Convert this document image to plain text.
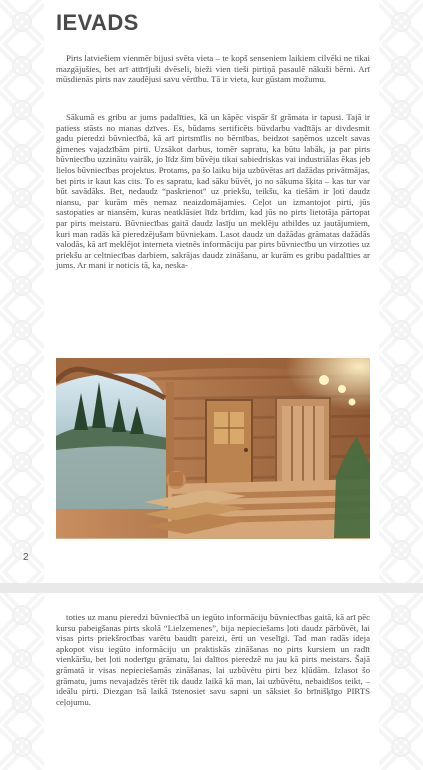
IEVADS

Pirts latviešiem vienmēr bijusi svēta vieta – te kopš senseniem laikiem cilvēki ne tikai mazgājušies, bet arī attīrījuši dvēseli, bieži vien tieši pirtiņā pasaulē nākuši bērni. Arī mūsdienās pirts nav zaudējusi savu vērtību. Tā ir vieta, kur gūstam možumu.

Sākumā es gribu ar jums padalīties, kā un kāpēc vispār šī grāmata ir tapusi. Tajā ir patiess stāsts no manas dzīves. Es, būdams sertificēts būvdarbu vadītājs ar divdesmit gadu pieredzi būvniecībā, kā arī pirtsmīlis no bērnības, beidzot saņēmos uzcelt savas ģimenes vajadzībām pirti. Uzsākot darbus, tomēr sapratu, ka būtu labāk, ja par pirts būvniecību uzzinātu vairāk, jo līdz šim būvēju tikai sabiedriskas vai industriālas ēkas jeb lielos būvniecības projektus. Protams, pa šo laiku bija uzbūvētas arī dažādas privātmājas, bet pirts ir kaut kas cits. To es sapratu, kad sāku būvēt, jo no sākuma šķita – kas tur var būt savādāks. Bet, nedaudz “paskrienot” uz priekšu, teikšu, ka tiešām ir ļoti daudz niansu, par kurām mēs nemaz neaizdomājamies. Ceļot un izmantojot pirti, jūs sastopaties ar niansēm, kuras neatklāsiet līdz brīdim, kad jūs no pirts lietotāja pārtopat par pirts meistaru. Būvniecības gaitā daudz lasīju un meklēju atbildes uz jautājumiem, kuri man radās kā pieredzējušam būvniekam. Lasot daudz un dažādas grāmatas dažādās valodās, kā arī meklējot interneta vietnēs informāciju par pirts būvniecību un virzoties uz priekšu ar celtniecības darbiem, sakrājas daudz zināšanu, ar kurām es gribu padalīties ar jums. Ar mani ir noticis tā, ka, neska-

2

toties uz manu pieredzi būvniecībā un iegūto informāciju būvniecības gaitā, kā arī pēc kursu pabeigšanas pirts skolā “Lielzemenes”, bija nepieciešams ļoti daudz pārbūvēt, lai visas pirts priekšrocības varētu baudīt pareizi, ērti un veselīgi. Tad man radās ideja apkopot visu iegūto informāciju un praktiskās zināšanas no pirts kursiem un radīt vienkāršu, bet ļoti noderīgu grāmatu, lai dalītos pieredzē nu jau kā pirts meistars. Šajā grāmatā ir visas nepieciešamās zināšanas, lai uzbūvētu pirti bez kļūdām. Izlasot šo grāmatu, jums nevajadzēs tērēt tik daudz laikā kā man, lai uzbūvētu, nebaidīšos teikt, – ideālu pirti. Diezgan īsā laikā īstenosiet savu sapni un sāksiet šo brīnišķīgo PIRTS ceļojumu.
